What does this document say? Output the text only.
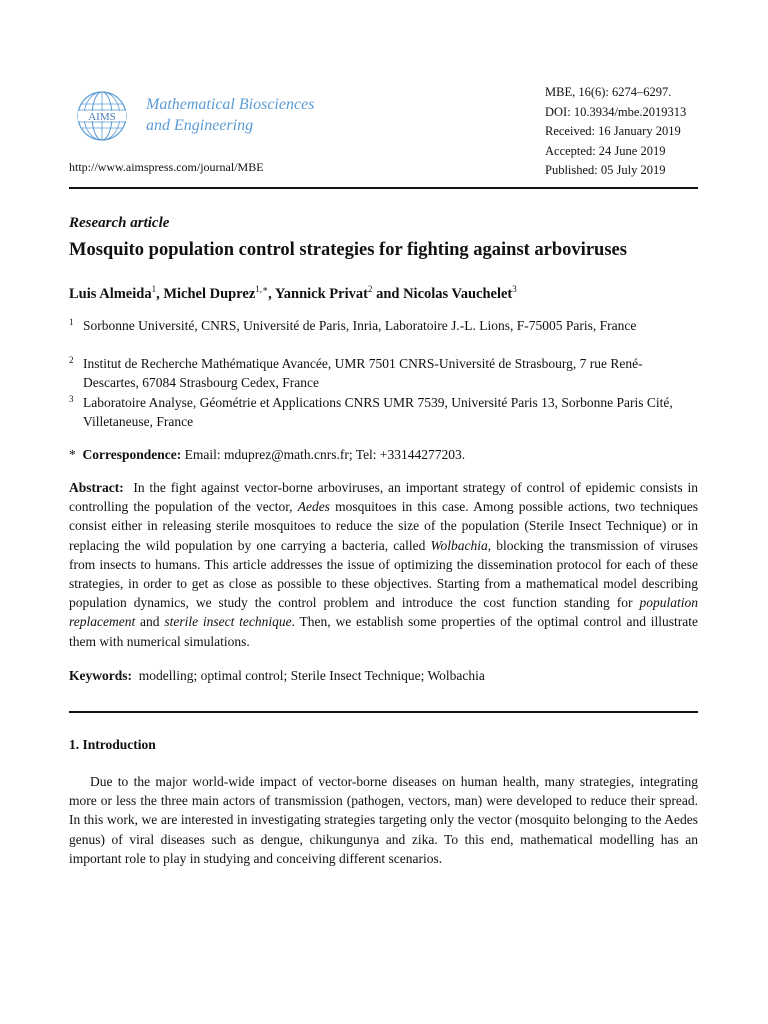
AIMS
Mathematical Biosciences
and Engineering
http://www.aimspress.com/journal/MBE
MBE, 16(6): 6274–6297.
DOI: 10.3934/mbe.2019313
Received: 16 January 2019
Accepted: 24 June 2019
Published: 05 July 2019
Research article
Mosquito population control strategies for fighting against arboviruses
Luis Almeida$^1$, Michel Duprez$^{1,∗}$, Yannick Privat$^2$ and Nicolas Vauchelet$^3$
1 Sorbonne Université, CNRS, Université de Paris, Inria, Laboratoire J.-L. Lions, F-75005 Paris, France
2 Institut de Recherche Mathématique Avancée, UMR 7501 CNRS-Université de Strasbourg, 7 rue René-Descartes, 67084 Strasbourg Cedex, France
3 Laboratoire Analyse, Géométrie et Applications CNRS UMR 7539, Université Paris 13, Sorbonne Paris Cité, Villetaneuse, France
* Correspondence: Email: mduprez@math.cnrs.fr; Tel: +33144277203.
Abstract: In the fight against vector-borne arboviruses, an important strategy of control of epidemic consists in controlling the population of the vector, Aedes mosquitoes in this case. Among possible actions, two techniques consist either in releasing sterile mosquitoes to reduce the size of the population (Sterile Insect Technique) or in replacing the wild population by one carrying a bacteria, called Wolbachia, blocking the transmission of viruses from insects to humans. This article addresses the issue of optimizing the dissemination protocol for each of these strategies, in order to get as close as possible to these objectives. Starting from a mathematical model describing population dynamics, we study the control problem and introduce the cost function standing for population replacement and sterile insect technique. Then, we establish some properties of the optimal control and illustrate them with numerical simulations.
Keywords: modelling; optimal control; Sterile Insect Technique; Wolbachia
1. Introduction
Due to the major world-wide impact of vector-borne diseases on human health, many strategies, integrating more or less the three main actors of transmission (pathogen, vectors, man) were developed to reduce their spread. In this work, we are interested in investigating strategies targeting only the vector (mosquito belonging to the Aedes genus) of viral diseases such as dengue, chikungunya and zika. To this end, mathematical modelling has an important role to play in studying and conceiving different scenarios.
